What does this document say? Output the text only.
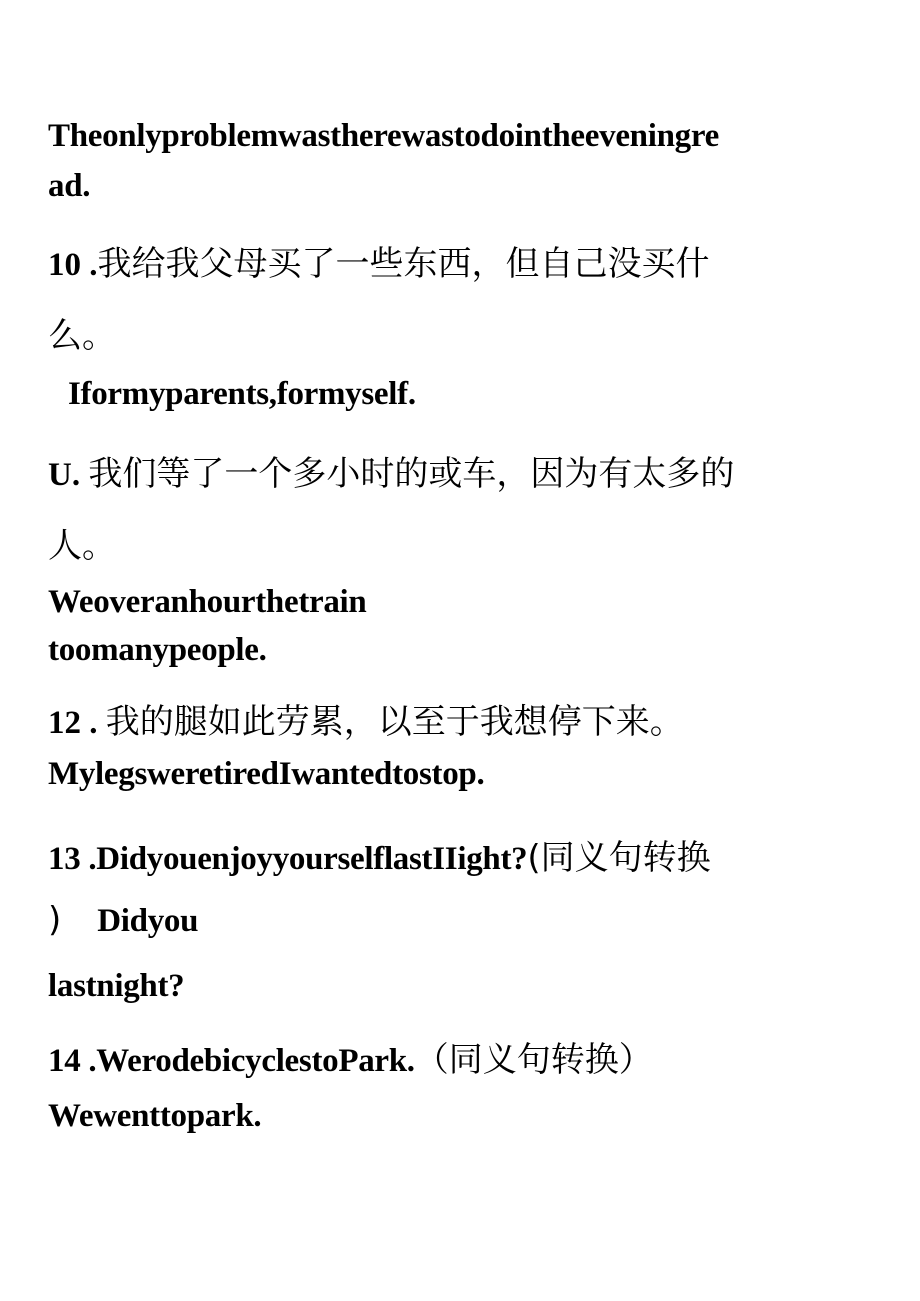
Theonlyproblemwastherewastodointheeveningre
ad.
10 .我给我父母买了一些东西，但自己没买什
么。
Iformyparents,formyself.
U. 我们等了一个多小时的或车，因为有太多的
人。
Weoveranhourthetrain
toomanypeople.
12 . 我的腿如此劳累，以至于我想停下来。
MylegsweretiredIwantedtostop.
13 .DidyouenjoyyourselflastIIight?(同义句转换
) Didyou
lastnight?
14 .WerodebicyclestoPark.（同义句转换）
Wewenttopark.
